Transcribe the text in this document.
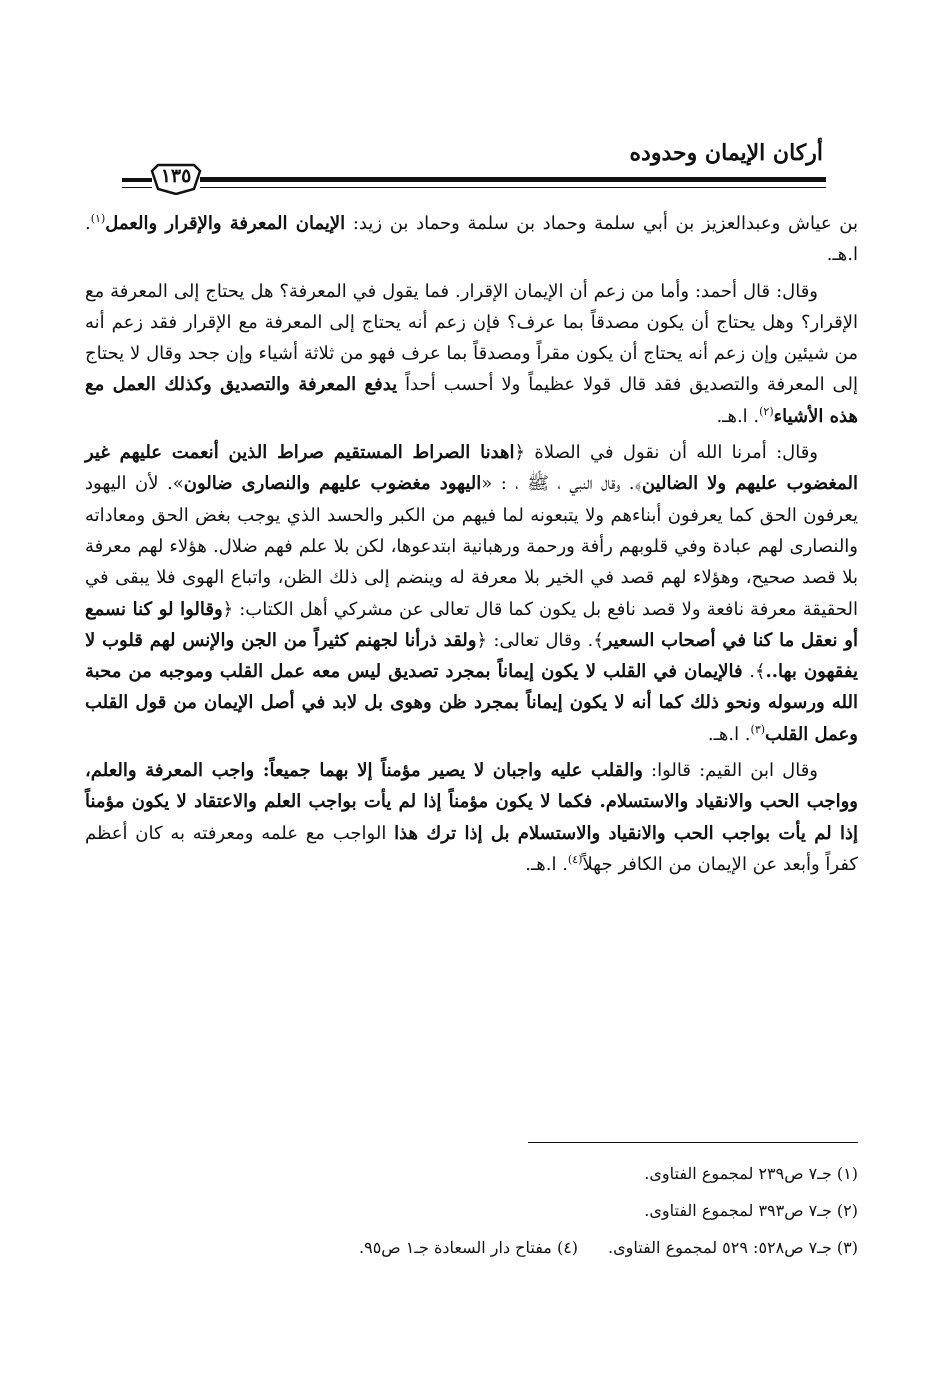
أركان الإيمان وحدوده
١٣٥

بن عياش وعبدالعزيز بن أبي سلمة وحماد بن سلمة وحماد بن زيد: الإيمان المعرفة والإقرار والعمل$^{(١)}$. ا.هـ.

وقال: قال أحمد: وأما من زعم أن الإيمان الإقرار. فما يقول في المعرفة؟ هل يحتاج إلى المعرفة مع الإقرار؟ وهل يحتاج أن يكون مصدقاً بما عرف؟ فإن زعم أنه يحتاج إلى المعرفة مع الإقرار فقد زعم أنه من شيئين وإن زعم أنه يحتاج أن يكون مقراً ومصدقاً بما عرف فهو من ثلاثة أشياء وإن جحد وقال لا يحتاج إلى المعرفة والتصديق فقد قال قولا عظيماً ولا أحسب أحداً يدفع المعرفة والتصديق وكذلك العمل مع هذه الأشياء$^{(٢)}$. ا.هـ.

وقال: أمرنا الله أن نقول في الصلاة ﴿اهدنا الصراط المستقيم صراط الذين أنعمت عليهم غير المغضوب عليهم ولا الضالين﴾. وقال النبي ، ﷺ ، : «اليهود مغضوب عليهم والنصارى ضالون». لأن اليهود يعرفون الحق كما يعرفون أبناءهم ولا يتبعونه لما فيهم من الكبر والحسد الذي يوجب بغض الحق ومعاداته والنصارى لهم عبادة وفي قلوبهم رأفة ورحمة ورهبانية ابتدعوها، لكن بلا علم فهم ضلال. هؤلاء لهم معرفة بلا قصد صحيح، وهؤلاء لهم قصد في الخير بلا معرفة له وينضم إلى ذلك الظن، واتباع الهوى فلا يبقى في الحقيقة معرفة نافعة ولا قصد نافع بل يكون كما قال تعالى عن مشركي أهل الكتاب: ﴿وقالوا لو كنا نسمع أو نعقل ما كنا في أصحاب السعير﴾. وقال تعالى: ﴿ولقد ذرأنا لجهنم كثيراً من الجن والإنس لهم قلوب لا يفقهون بها..﴾. فالإيمان في القلب لا يكون إيماناً بمجرد تصديق ليس معه عمل القلب وموجبه من محبة الله ورسوله ونحو ذلك كما أنه لا يكون إيماناً بمجرد ظن وهوى بل لابد في أصل الإيمان من قول القلب وعمل القلب$^{(٣)}$. ا.هـ.

وقال ابن القيم: قالوا: والقلب عليه واجبان لا يصير مؤمناً إلا بهما جميعاً: واجب المعرفة والعلم، وواجب الحب والانقياد والاستسلام. فكما لا يكون مؤمناً إذا لم يأت بواجب العلم والاعتقاد لا يكون مؤمناً إذا لم يأت بواجب الحب والانقياد والاستسلام بل إذا ترك هذا الواجب مع علمه ومعرفته به كان أعظم كفراً وأبعد عن الإيمان من الكافر جهلاً$^{(٤)}$. ا.هـ.

(١) جـ٧ ص٢٣٩ لمجموع الفتاوى.
(٢) جـ٧ ص٣٩٣ لمجموع الفتاوى.
(٣) جـ٧ ص٥٢٨: ٥٢٩ لمجموع الفتاوى.(٤) مفتاح دار السعادة جـ١ ص٩٥.
